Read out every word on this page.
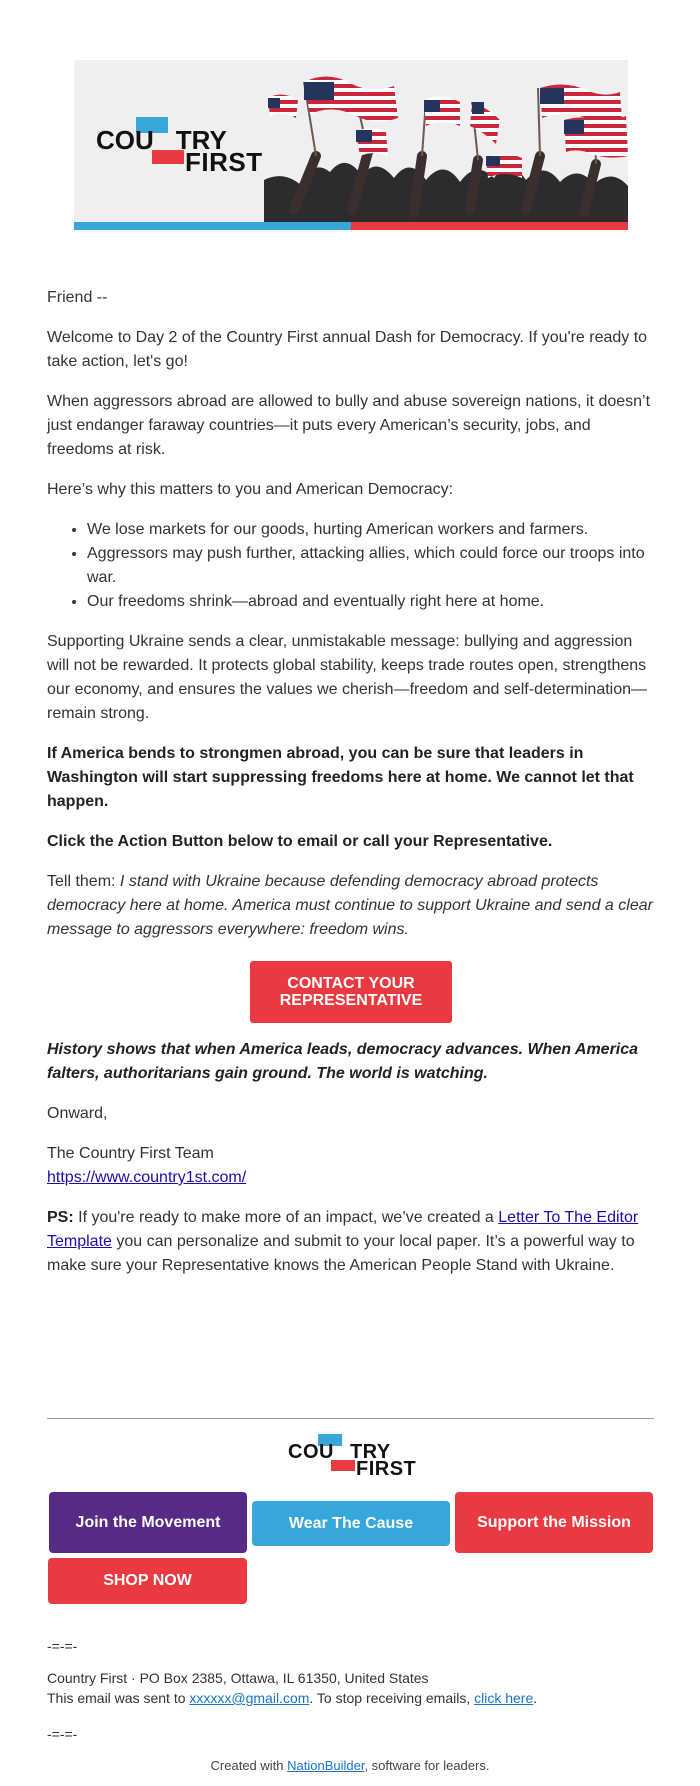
COU TRY
FIRST

Friend --

Welcome to Day 2 of the Country First annual Dash for Democracy. If you're ready to take action, let's go!

When aggressors abroad are allowed to bully and abuse sovereign nations, it doesn’t just endanger faraway countries—it puts every American’s security, jobs, and freedoms at risk.

Here’s why this matters to you and American Democracy:

• We lose markets for our goods, hurting American workers and farmers.
• Aggressors may push further, attacking allies, which could force our troops into war.
• Our freedoms shrink—abroad and eventually right here at home.

Supporting Ukraine sends a clear, unmistakable message: bullying and aggression will not be rewarded. It protects global stability, keeps trade routes open, strengthens our economy, and ensures the values we cherish—freedom and self-determination—remain strong.

If America bends to strongmen abroad, you can be sure that leaders in Washington will start suppressing freedoms here at home. We cannot let that happen.

Click the Action Button below to email or call your Representative.

Tell them: I stand with Ukraine because defending democracy abroad protects democracy here at home. America must continue to support Ukraine and send a clear message to aggressors everywhere: freedom wins.

CONTACT YOUR REPRESENTATIVE

History shows that when America leads, democracy advances. When America falters, authoritarians gain ground. The world is watching.

Onward,

The Country First Team

https://www.country1st.com/

PS: If you're ready to make more of an impact, we’ve created a Letter To The Editor Template you can personalize and submit to your local paper. It’s a powerful way to make sure your Representative knows the American People Stand with Ukraine.

COU TRY
FIRST
Join the Movement	Wear The Cause	Support the Mission
SHOP NOW
-=-=-
Country First · PO Box 2385, Ottawa, IL 61350, United States
This email was sent to xxxxxx@gmail.com. To stop receiving emails, click here.
-=-=-
Created with NationBuilder, software for leaders.
